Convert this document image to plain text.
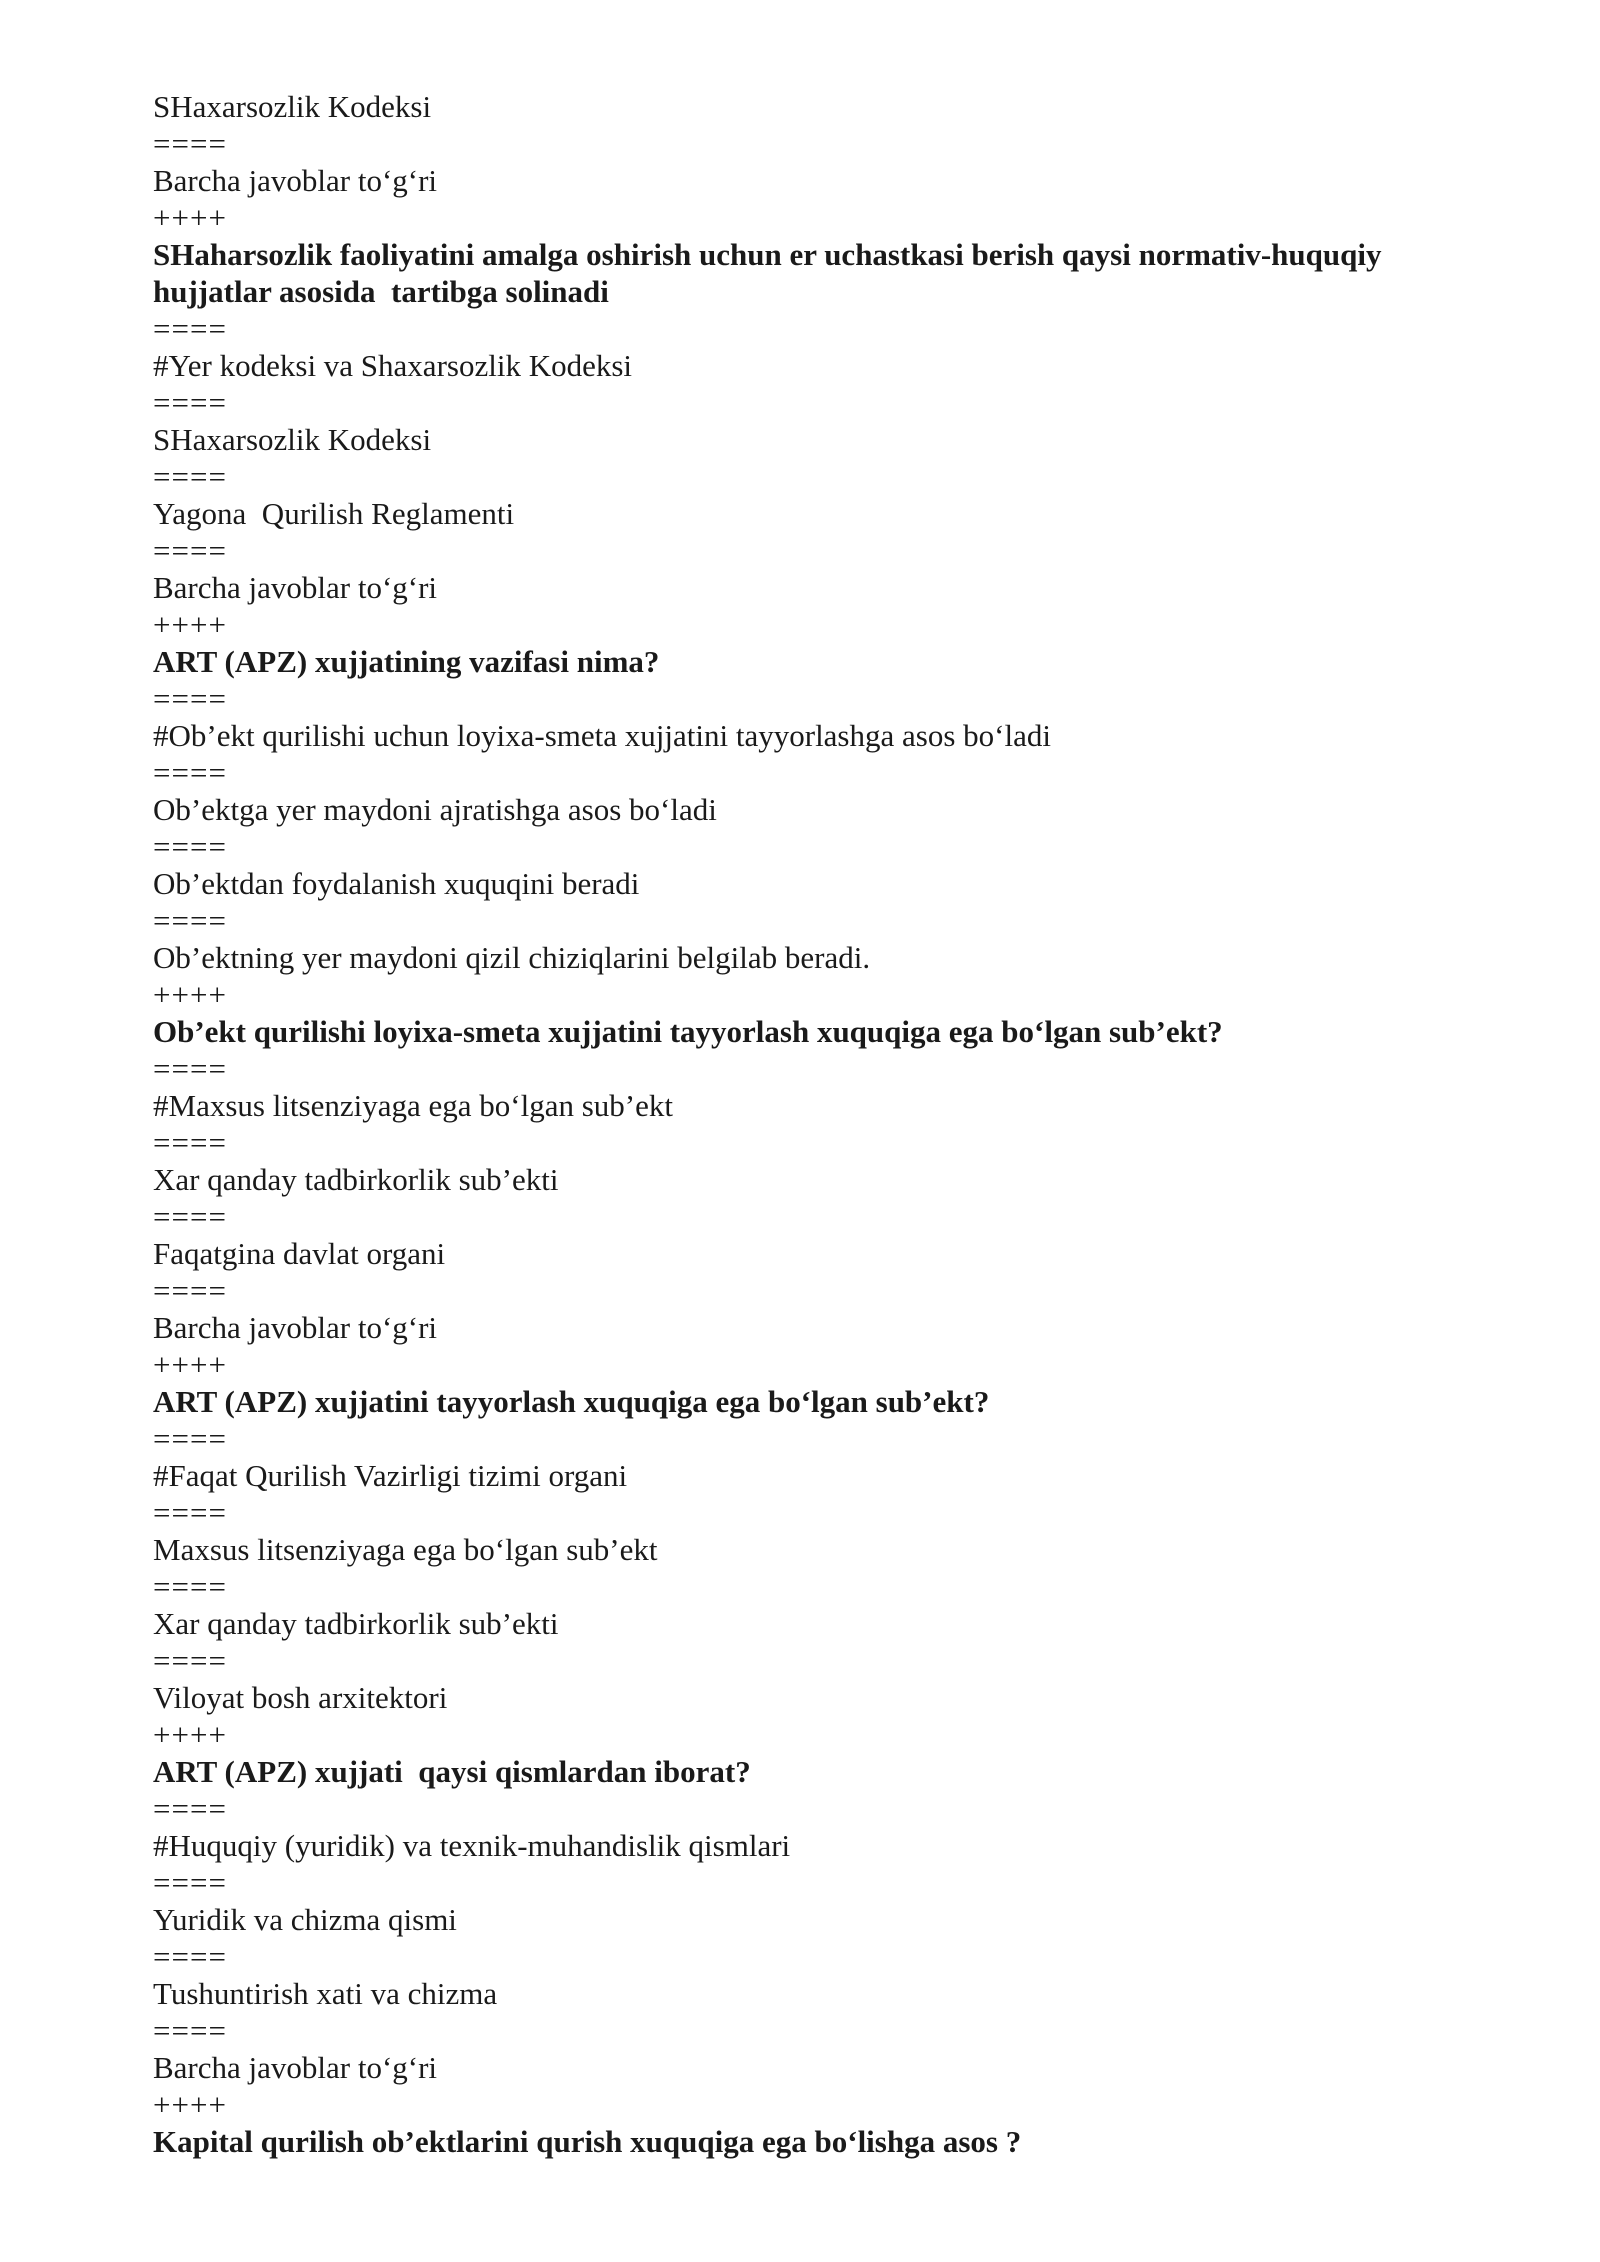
SHaxarsozlik Kodeksi
====
Barcha javoblar to‘g‘ri
++++
SHaharsozlik faoliyatini amalga oshirish uchun er uchastkasi berish qaysi normativ-huquqiy hujjatlar asosida  tartibga solinadi
====
#Yer kodeksi va Shaxarsozlik Kodeksi
====
SHaxarsozlik Kodeksi
====
Yagona  Qurilish Reglamenti
====
Barcha javoblar to‘g‘ri
++++
ART (APZ) xujjatining vazifasi nima?
====
#Ob’ekt qurilishi uchun loyixa-smeta xujjatini tayyorlashga asos bo‘ladi
====
Ob’ektga yer maydoni ajratishga asos bo‘ladi
====
Ob’ektdan foydalanish xuquqini beradi
====
Ob’ektning yer maydoni qizil chiziqlarini belgilab beradi.
++++
Ob’ekt qurilishi loyixa-smeta xujjatini tayyorlash xuquqiga ega bo‘lgan sub’ekt?
====
#Maxsus litsenziyaga ega bo‘lgan sub’ekt
====
Xar qanday tadbirkorlik sub’ekti
====
Faqatgina davlat organi
====
Barcha javoblar to‘g‘ri
++++
ART (APZ) xujjatini tayyorlash xuquqiga ega bo‘lgan sub’ekt?
====
#Faqat Qurilish Vazirligi tizimi organi
====
Maxsus litsenziyaga ega bo‘lgan sub’ekt
====
Xar qanday tadbirkorlik sub’ekti
====
Viloyat bosh arxitektori
++++
ART (APZ) xujjati  qaysi qismlardan iborat?
====
#Huquqiy (yuridik) va texnik-muhandislik qismlari
====
Yuridik va chizma qismi
====
Tushuntirish xati va chizma
====
Barcha javoblar to‘g‘ri
++++
Kapital qurilish ob’ektlarini qurish xuquqiga ega bo‘lishga asos ?
